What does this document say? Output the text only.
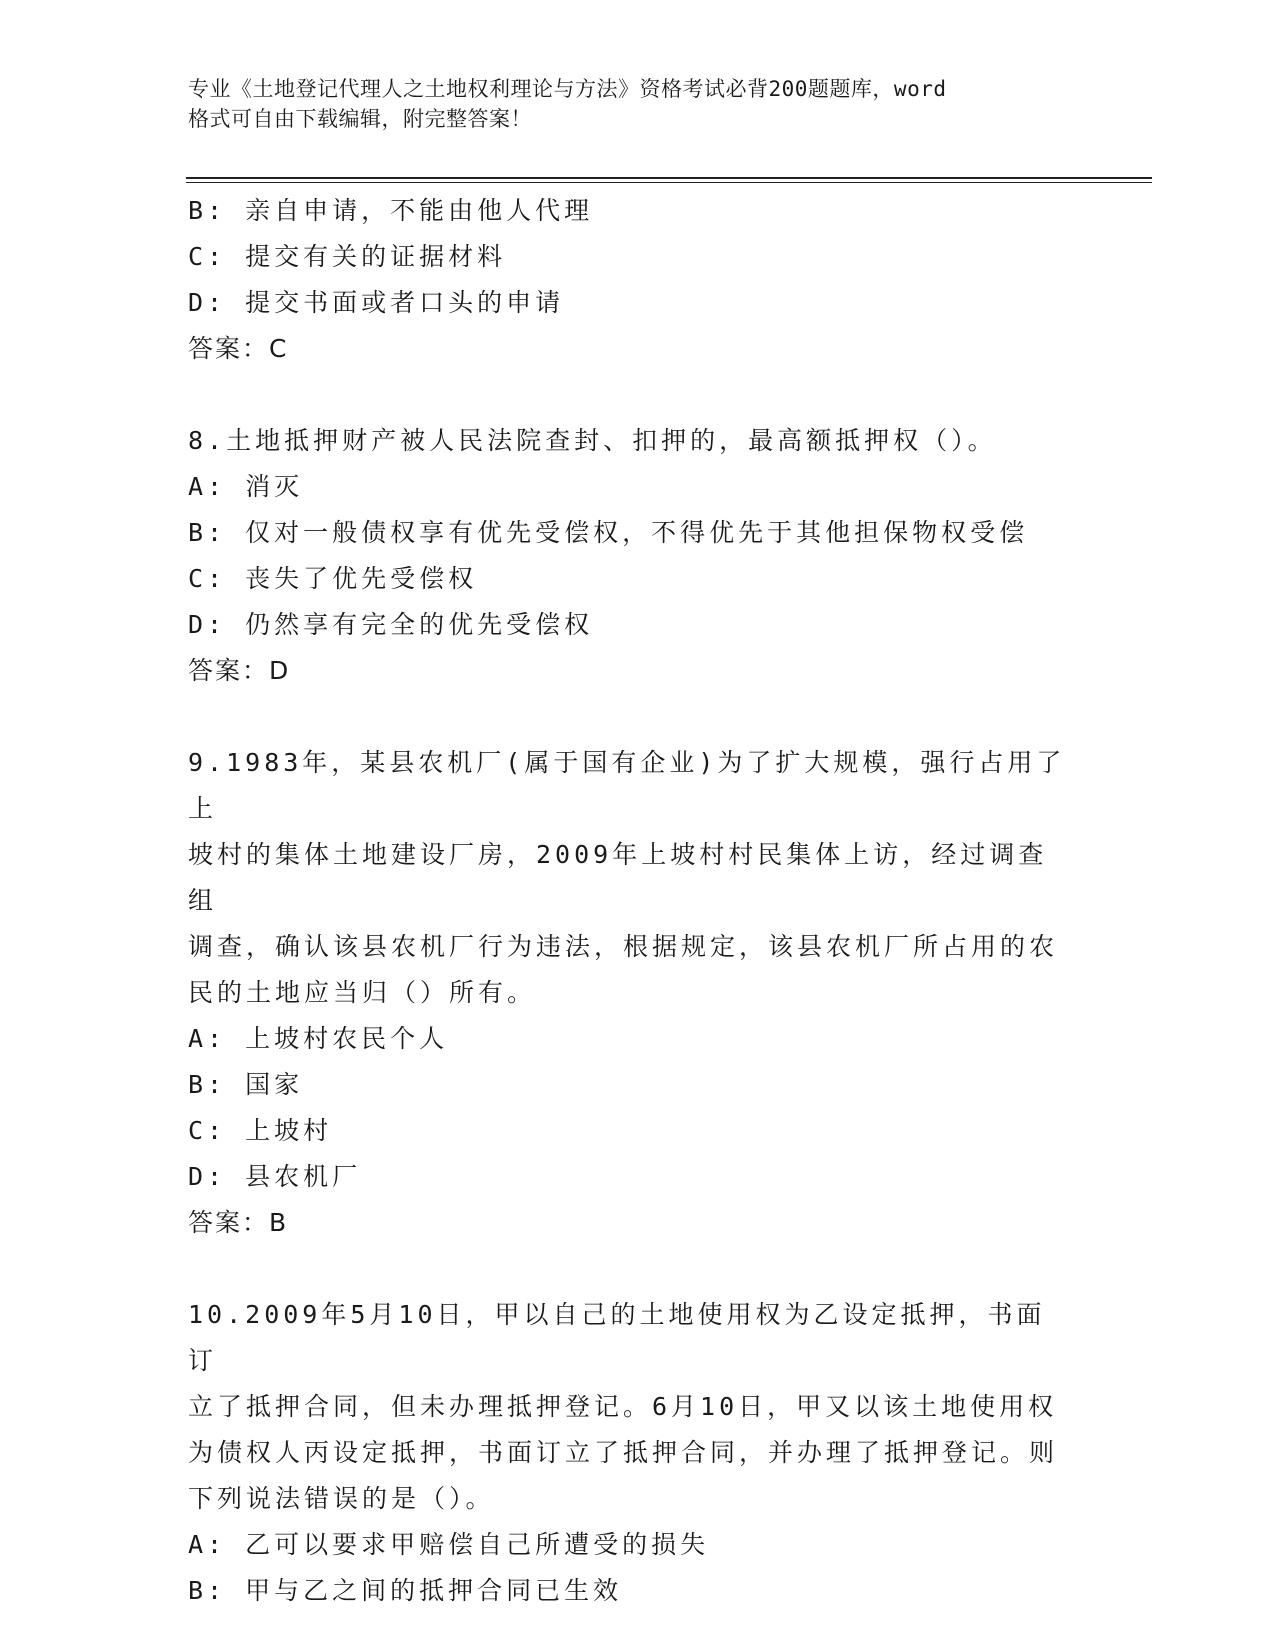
专业《土地登记代理人之土地权利理论与方法》资格考试必背200题题库，word
格式可自由下载编辑，附完整答案！
B: 亲自申请，不能由他人代理
C: 提交有关的证据材料
D: 提交书面或者口头的申请
答案：C
8.土地抵押财产被人民法院查封、扣押的，最高额抵押权（）。
A: 消灭
B: 仅对一般债权享有优先受偿权，不得优先于其他担保物权受偿
C: 丧失了优先受偿权
D: 仍然享有完全的优先受偿权
答案：D
9.1983年，某县农机厂(属于国有企业)为了扩大规模，强行占用了上
坡村的集体土地建设厂房，2009年上坡村村民集体上访，经过调查组
调查，确认该县农机厂行为违法，根据规定，该县农机厂所占用的农
民的土地应当归（）所有。
A: 上坡村农民个人
B: 国家
C: 上坡村
D: 县农机厂
答案：B
10.2009年5月10日，甲以自己的土地使用权为乙设定抵押，书面订
立了抵押合同，但未办理抵押登记。6月10日，甲又以该土地使用权
为债权人丙设定抵押，书面订立了抵押合同，并办理了抵押登记。则
下列说法错误的是（）。
A: 乙可以要求甲赔偿自己所遭受的损失
B: 甲与乙之间的抵押合同已生效
